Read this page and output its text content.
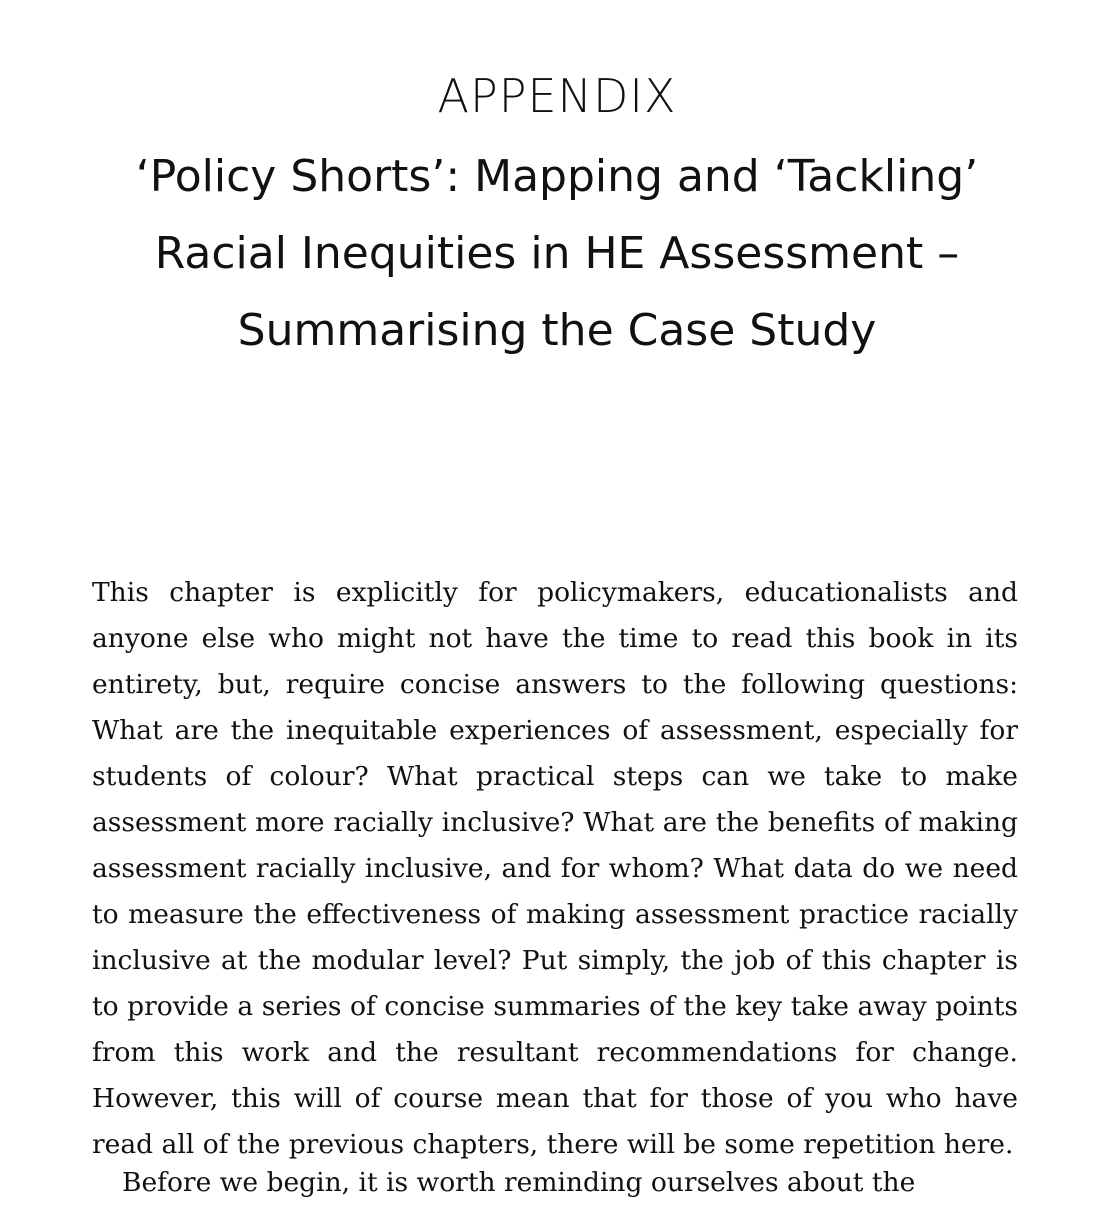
APPENDIX

‘Policy Shorts’: Mapping and ‘Tackling’
Racial Inequities in HE Assessment –
Summarising the Case Study

This chapter is explicitly for policymakers, educationalists and
anyone else who might not have the time to read this book in its
entirety, but, require concise answers to the following questions:
What are the inequitable experiences of assessment, especially for
students of colour? What practical steps can we take to make
assessment more racially inclusive? What are the benefits of making
assessment racially inclusive, and for whom? What data do we need
to measure the effectiveness of making assessment practice racially
inclusive at the modular level? Put simply, the job of this chapter is
to provide a series of concise summaries of the key take away points
from this work and the resultant recommendations for change.
However, this will of course mean that for those of you who have
read all of the previous chapters, there will be some repetition here.

Before we begin, it is worth reminding ourselves about the
